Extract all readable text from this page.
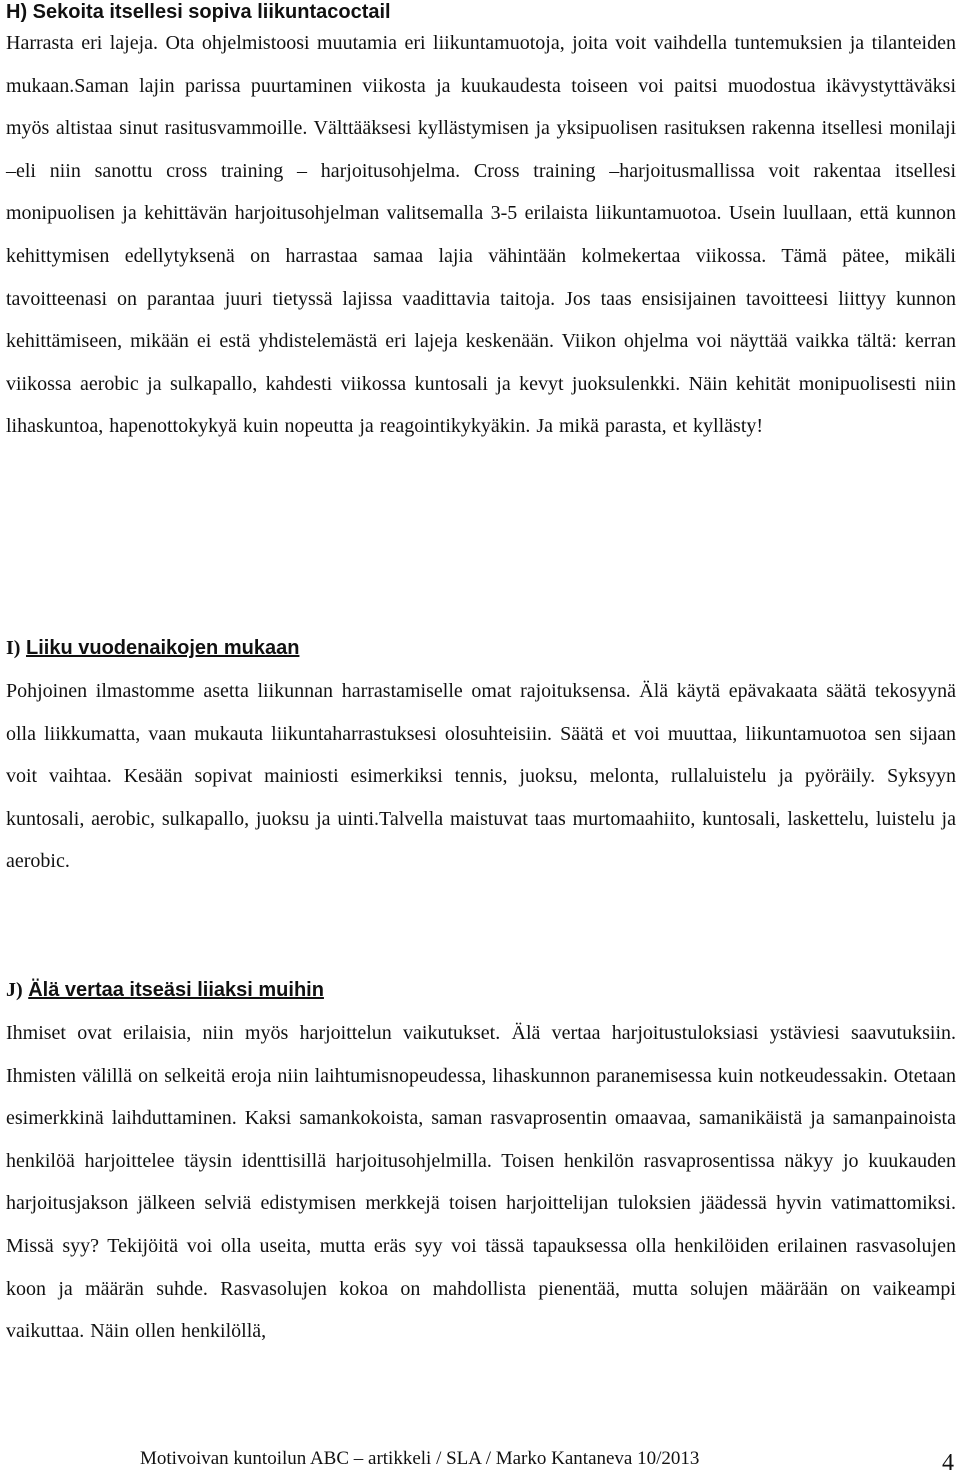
H) Sekoita itsellesi sopiva liikuntacoctail

Harrasta eri lajeja. Ota ohjelmistoosi muutamia eri liikuntamuotoja, joita voit vaihdella tuntemuksien ja tilanteiden mukaan.Saman lajin parissa puurtaminen viikosta ja kuukaudesta toiseen voi paitsi muodostua ikävystyttäväksi myös altistaa sinut rasitusvammoille. Välttääksesi kyllästymisen ja yksipuolisen rasituksen rakenna itsellesi monilaji –eli niin sanottu cross training – harjoitusohjelma. Cross training –harjoitusmallissa voit rakentaa itsellesi monipuolisen ja kehittävän harjoitusohjelman valitsemalla 3-5 erilaista liikuntamuotoa. Usein luullaan, että kunnon kehittymisen edellytyksenä on harrastaa samaa lajia vähintään kolmekertaa viikossa. Tämä pätee, mikäli tavoitteenasi on parantaa juuri tietyssä lajissa vaadittavia taitoja. Jos taas ensisijainen tavoitteesi liittyy kunnon kehittämiseen, mikään ei estä yhdistelemästä eri lajeja keskenään. Viikon ohjelma voi näyttää vaikka tältä: kerran viikossa aerobic ja sulkapallo, kahdesti viikossa kuntosali ja kevyt juoksulenkki. Näin kehität monipuolisesti niin lihaskuntoa, hapenottokykyä kuin nopeutta ja reagointikykyäkin. Ja mikä parasta, et kyllästy!

I) Liiku vuodenaikojen mukaan

Pohjoinen ilmastomme asetta liikunnan harrastamiselle omat rajoituksensa. Älä käytä epävakaata säätä tekosyynä olla liikkumatta, vaan mukauta liikuntaharrastuksesi olosuhteisiin. Säätä et voi muuttaa, liikuntamuotoa sen sijaan voit vaihtaa. Kesään sopivat mainiosti esimerkiksi tennis, juoksu, melonta, rullaluistelu ja pyöräily. Syksyyn kuntosali, aerobic, sulkapallo, juoksu ja uinti.Talvella maistuvat taas murtomaahiito, kuntosali, laskettelu, luistelu ja aerobic.

J) Älä vertaa itseäsi liiaksi muihin

Ihmiset ovat erilaisia, niin myös harjoittelun vaikutukset. Älä vertaa harjoitustuloksiasi ystäviesi saavutuksiin. Ihmisten välillä on selkeitä eroja niin laihtumisnopeudessa, lihaskunnon paranemisessa kuin notkeudessakin. Otetaan esimerkkinä laihduttaminen. Kaksi samankokoista, saman rasvaprosentin omaavaa, samanikäistä ja samanpainoista henkilöä harjoittelee täysin identtisillä harjoitusohjelmilla. Toisen henkilön rasvaprosentissa näkyy jo kuukauden harjoitusjakson jälkeen selviä edistymisen merkkejä toisen harjoittelijan tuloksien jäädessä hyvin vatimattomiksi. Missä syy? Tekijöitä voi olla useita, mutta eräs syy voi tässä tapauksessa olla henkilöiden erilainen rasvasolujen koon ja määrän suhde. Rasvasolujen kokoa on mahdollista pienentää, mutta solujen määrään on vaikeampi vaikuttaa. Näin ollen henkilöllä,

Motivoivan kuntoilun ABC – artikkeli / SLA / Marko Kantaneva 10/2013	4
